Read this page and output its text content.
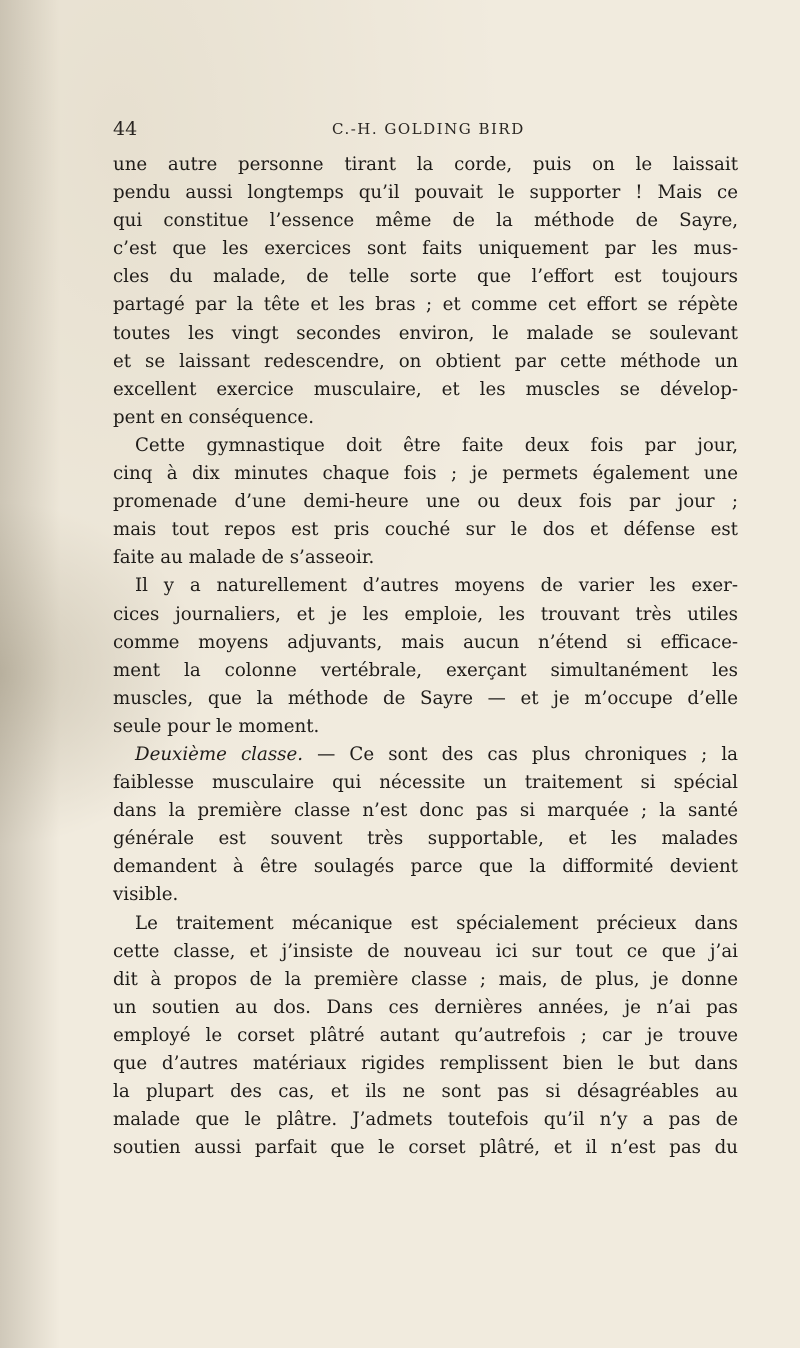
44	C.-H. GOLDING BIRD
une autre personne tirant la corde, puis on le laissait
pendu aussi longtemps qu’il pouvait le supporter ! Mais ce
qui constitue l’essence même de la méthode de Sayre,
c’est que les exercices sont faits uniquement par les mus-
cles du malade, de telle sorte que l’effort est toujours
partagé par la tête et les bras ; et comme cet effort se répète
toutes les vingt secondes environ, le malade se soulevant
et se laissant redescendre, on obtient par cette méthode un
excellent exercice musculaire, et les muscles se dévelop-
pent en conséquence.
Cette gymnastique doit être faite deux fois par jour,
cinq à dix minutes chaque fois ; je permets également une
promenade d’une demi-heure une ou deux fois par jour ;
mais tout repos est pris couché sur le dos et défense est
faite au malade de s’asseoir.
Il y a naturellement d’autres moyens de varier les exer-
cices journaliers, et je les emploie, les trouvant très utiles
comme moyens adjuvants, mais aucun n’étend si efficace-
ment la colonne vertébrale, exerçant simultanément les
muscles, que la méthode de Sayre — et je m’occupe d’elle
seule pour le moment.
Deuxième classe. — Ce sont des cas plus chroniques ; la
faiblesse musculaire qui nécessite un traitement si spécial
dans la première classe n’est donc pas si marquée ; la santé
générale est souvent très supportable, et les malades
demandent à être soulagés parce que la difformité devient
visible.
Le traitement mécanique est spécialement précieux dans
cette classe, et j’insiste de nouveau ici sur tout ce que j’ai
dit à propos de la première classe ; mais, de plus, je donne
un soutien au dos. Dans ces dernières années, je n’ai pas
employé le corset plâtré autant qu’autrefois ; car je trouve
que d’autres matériaux rigides remplissent bien le but dans
la plupart des cas, et ils ne sont pas si désagréables au
malade que le plâtre. J’admets toutefois qu’il n’y a pas de
soutien aussi parfait que le corset plâtré, et il n’est pas du
